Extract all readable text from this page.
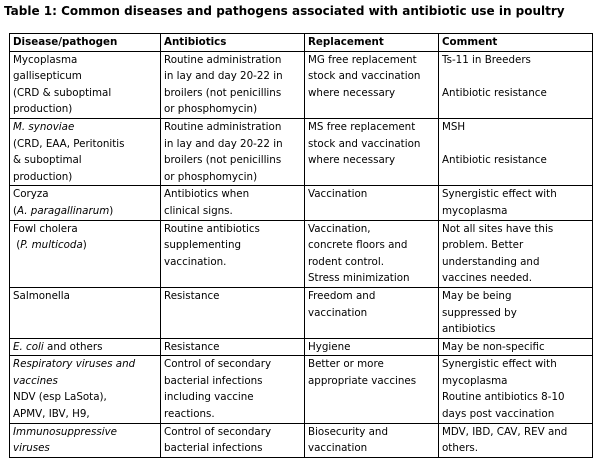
Table 1: Common diseases and pathogens associated with antibiotic use in poultry
Disease/pathogen	Antibiotics	Replacement	Comment

Mycoplasma
gallisepticum
(CRD & suboptimal
production)	Routine administration
in lay and day 20-22 in
broilers (not penicillins
or phosphomycin)	MG free replacement
stock and vaccination
where necessary	Ts-11 in Breeders
Antibiotic resistance

M. synoviae
(CRD, EAA, Peritonitis
& suboptimal
production)	Routine administration
in lay and day 20-22 in
broilers (not penicillins
or phosphomycin)	MS free replacement
stock and vaccination
where necessary	MSH
Antibiotic resistance

Coryza
(A. paragallinarum)	Antibiotics when
clinical signs.	Vaccination	Synergistic effect with
mycoplasma

Fowl cholera
(P. multicoda)	Routine antibiotics
supplementing
vaccination.	Vaccination,
concrete floors and
rodent control.
Stress minimization	Not all sites have this
problem. Better
understanding and
vaccines needed.

Salmonella	Resistance	Freedom and
vaccination	May be being
suppressed by
antibiotics

E. coli and others	Resistance	Hygiene	May be non-specific

Respiratory viruses and
vaccines
NDV (esp LaSota),
APMV, IBV, H9,	Control of secondary
bacterial infections
including vaccine
reactions.	Better or more
appropriate vaccines	Synergistic effect with
mycoplasma
Routine antibiotics 8-10
days post vaccination

Immunosuppressive
viruses	Control of secondary
bacterial infections	Biosecurity and
vaccination	MDV, IBD, CAV, REV and
others.
